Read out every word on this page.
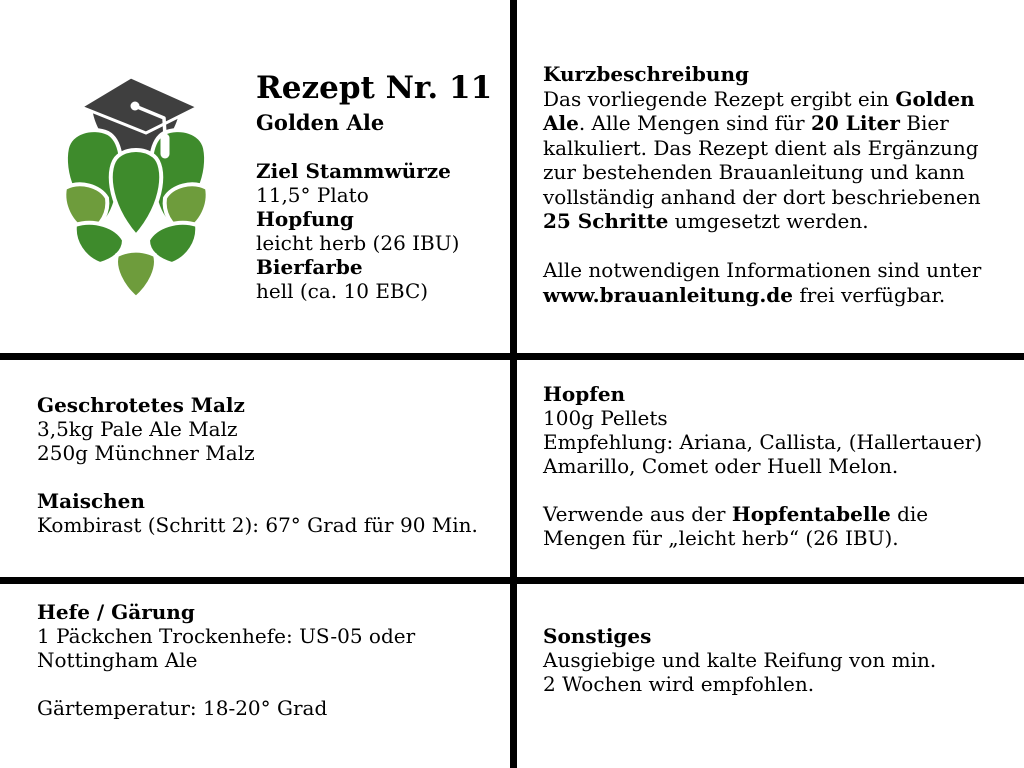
Rezept Nr. 11
Golden Ale
Ziel Stammwürze
11,5° Plato
Hopfung
leicht herb (26 IBU)
Bierfarbe
hell (ca. 10 EBC)
Kurzbeschreibung
Das vorliegende Rezept ergibt ein Golden
Ale. Alle Mengen sind für 20 Liter Bier
kalkuliert. Das Rezept dient als Ergänzung
zur bestehenden Brauanleitung und kann
vollständig anhand der dort beschriebenen
25 Schritte umgesetzt werden.

Alle notwendigen Informationen sind unter
www.brauanleitung.de frei verfügbar.
Geschrotetes Malz
3,5kg Pale Ale Malz
250g Münchner Malz

Maischen
Kombirast (Schritt 2): 67° Grad für 90 Min.
Hopfen
100g Pellets
Empfehlung: Ariana, Callista, (Hallertauer)
Amarillo, Comet oder Huell Melon.

Verwende aus der Hopfentabelle die
Mengen für „leicht herb“ (26 IBU).
Hefe / Gärung
1 Päckchen Trockenhefe: US-05 oder
Nottingham Ale

Gärtemperatur: 18-20° Grad
Sonstiges
Ausgiebige und kalte Reifung von min.
2 Wochen wird empfohlen.
